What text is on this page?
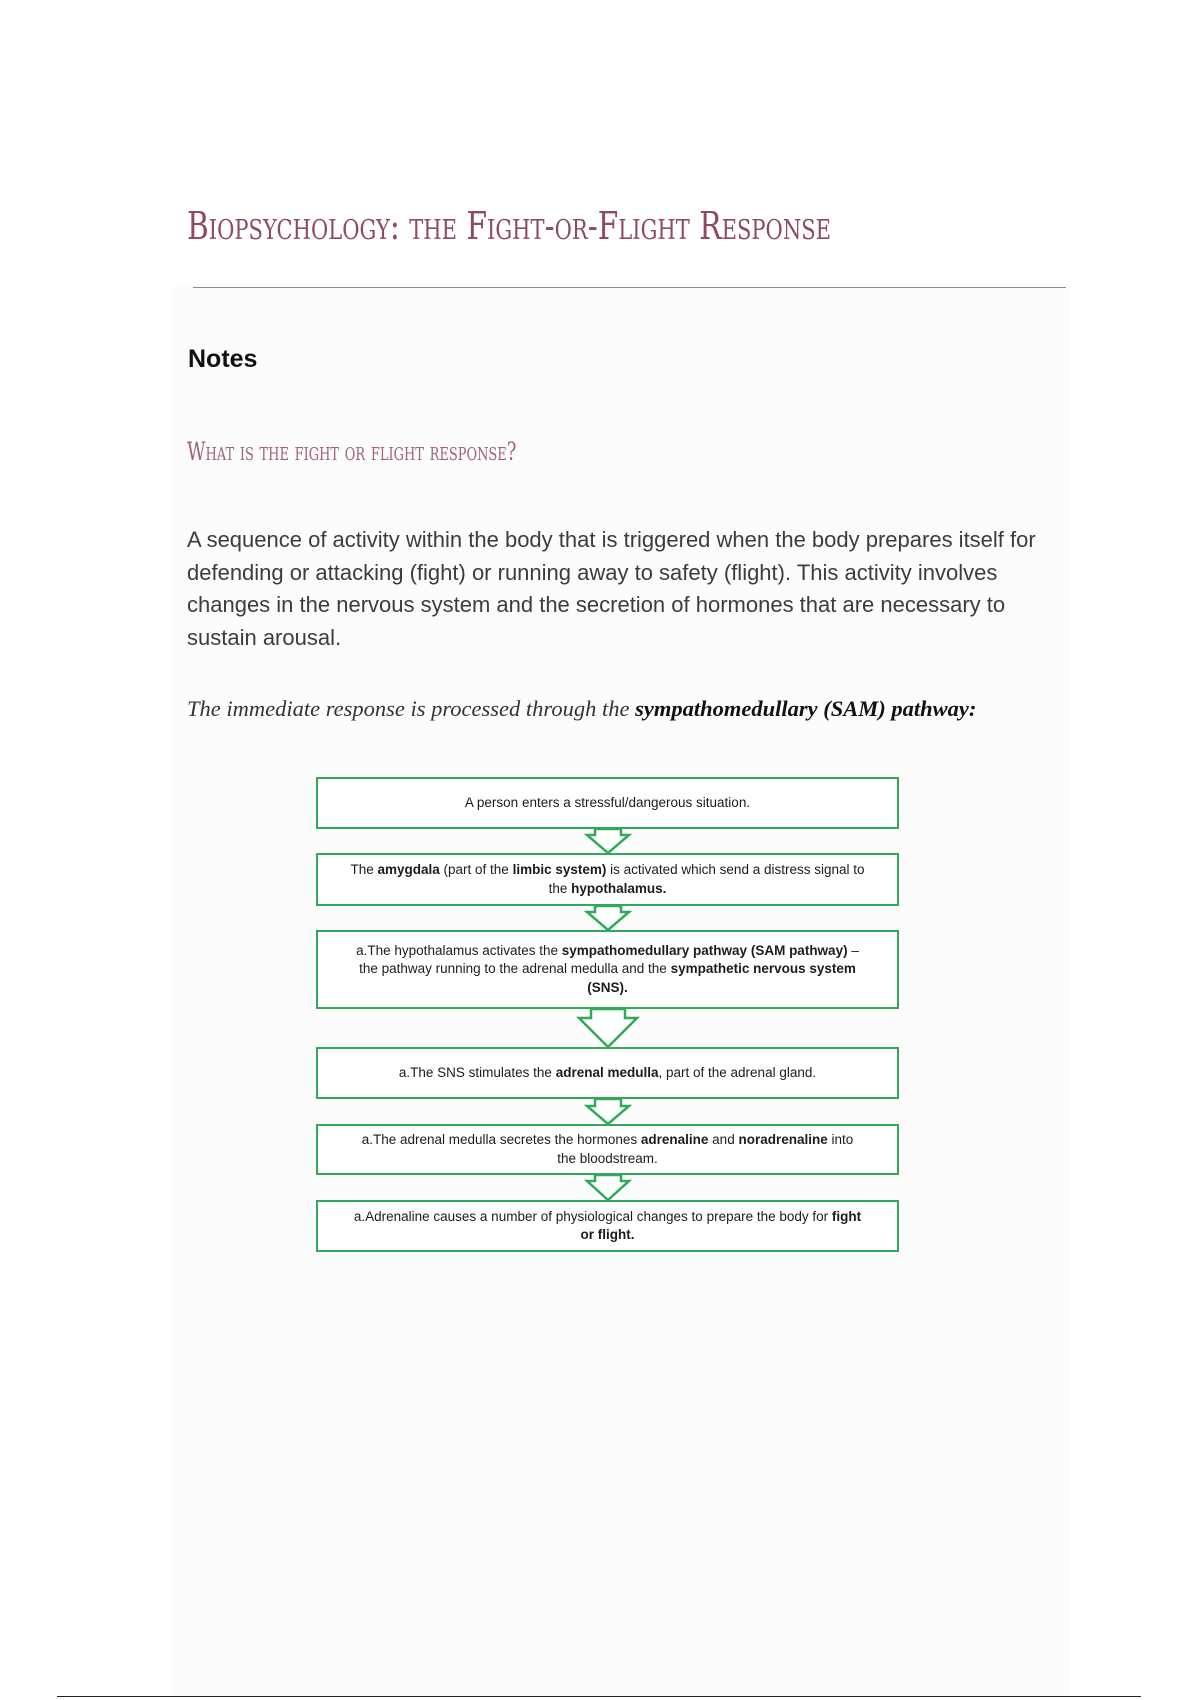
Biopsychology: the Fight-or-Flight Response
Notes
What is the fight or flight response?

A sequence of activity within the body that is triggered when the body prepares itself for defending or attacking (fight) or running away to safety (flight). This activity involves changes in the nervous system and the secretion of hormones that are necessary to sustain arousal.

The immediate response is processed through the sympathomedullary (SAM) pathway:
A person enters a stressful/dangerous situation.
The amygdala (part of the limbic system) is activated which send a distress signal to
the hypothalamus.
a.The hypothalamus activates the sympathomedullary pathway (SAM pathway) –
the pathway running to the adrenal medulla and the sympathetic nervous system
(SNS).
a.The SNS stimulates the adrenal medulla, part of the adrenal gland.
a.The adrenal medulla secretes the hormones adrenaline and noradrenaline into
the bloodstream.
a.Adrenaline causes a number of physiological changes to prepare the body for fight
or flight.
